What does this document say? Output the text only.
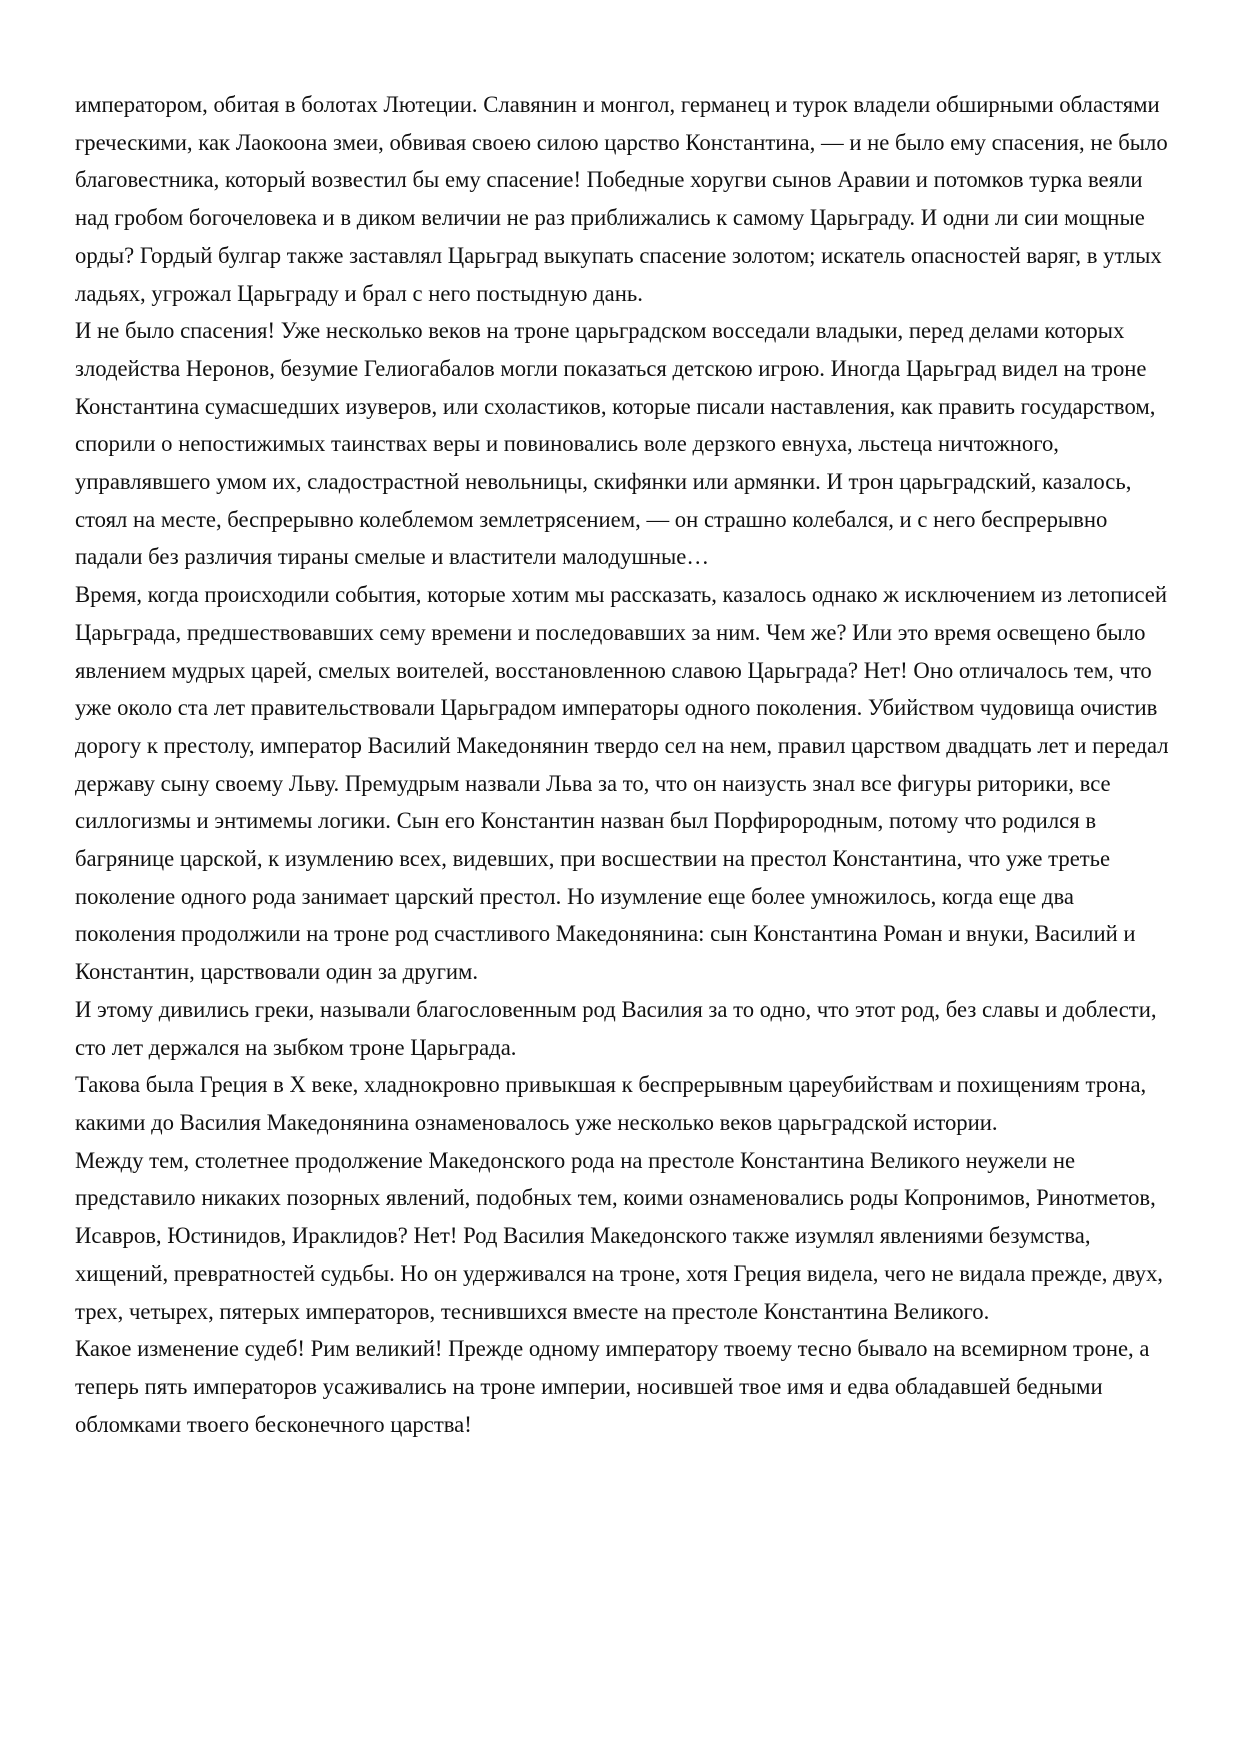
императором, обитая в болотах Лютеции. Славянин и монгол, германец и турок владели обширными областями греческими, как Лаокоона змеи, обвивая своею силою царство Константина, — и не было ему спасения, не было благовестника, который возвестил бы ему спасение! Победные хоругви сынов Аравии и потомков турка веяли над гробом богочеловека и в диком величии не раз приближались к самому Царьграду. И одни ли сии мощные орды? Гордый булгар также заставлял Царьград выкупать спасение золотом; искатель опасностей варяг, в утлых ладьях, угрожал Царьграду и брал с него постыдную дань.

И не было спасения! Уже несколько веков на троне царьградском восседали владыки, перед делами которых злодейства Неронов, безумие Гелиогабалов могли показаться детскою игрою. Иногда Царьград видел на троне Константина сумасшедших изуверов, или схоластиков, которые писали наставления, как править государством, спорили о непостижимых таинствах веры и повиновались воле дерзкого евнуха, льстеца ничтожного, управлявшего умом их, сладострастной невольницы, скифянки или армянки. И трон царьградский, казалось, стоял на месте, беспрерывно колеблемом землетрясением, — он страшно колебался, и с него беспрерывно падали без различия тираны смелые и властители малодушные…

Время, когда происходили события, которые хотим мы рассказать, казалось однако ж исключением из летописей Царьграда, предшествовавших сему времени и последовавших за ним. Чем же? Или это время освещено было явлением мудрых царей, смелых воителей, восстановленною славою Царьграда? Нет! Оно отличалось тем, что уже около ста лет правительствовали Царьградом императоры одного поколения. Убийством чудовища очистив дорогу к престолу, император Василий Македонянин твердо сел на нем, правил царством двадцать лет и передал державу сыну своему Льву. Премудрым назвали Льва за то, что он наизусть знал все фигуры риторики, все силлогизмы и энтимемы логики. Сын его Константин назван был Порфирородным, потому что родился в багрянице царской, к изумлению всех, видевших, при восшествии на престол Константина, что уже третье поколение одного рода занимает царский престол. Но изумление еще более умножилось, когда еще два поколения продолжили на троне род счастливого Македонянина: сын Константина Роман и внуки, Василий и Константин, царствовали один за другим.

И этому дивились греки, называли благословенным род Василия за то одно, что этот род, без славы и доблести, сто лет держался на зыбком троне Царьграда.

Такова была Греция в X веке, хладнокровно привыкшая к беспрерывным цареубийствам и похищениям трона, какими до Василия Македонянина ознаменовалось уже несколько веков царьградской истории.

Между тем, столетнее продолжение Македонского рода на престоле Константина Великого неужели не представило никаких позорных явлений, подобных тем, коими ознаменовались роды Копронимов, Ринотметов, Исавров, Юстинидов, Ираклидов? Нет! Род Василия Македонского также изумлял явлениями безумства, хищений, превратностей судьбы. Но он удерживался на троне, хотя Греция видела, чего не видала прежде, двух, трех, четырех, пятерых императоров, теснившихся вместе на престоле Константина Великого.

Какое изменение судеб! Рим великий! Прежде одному императору твоему тесно бывало на всемирном троне, а теперь пять императоров усаживались на троне империи, носившей твое имя и едва обладавшей бедными обломками твоего бесконечного царства!
